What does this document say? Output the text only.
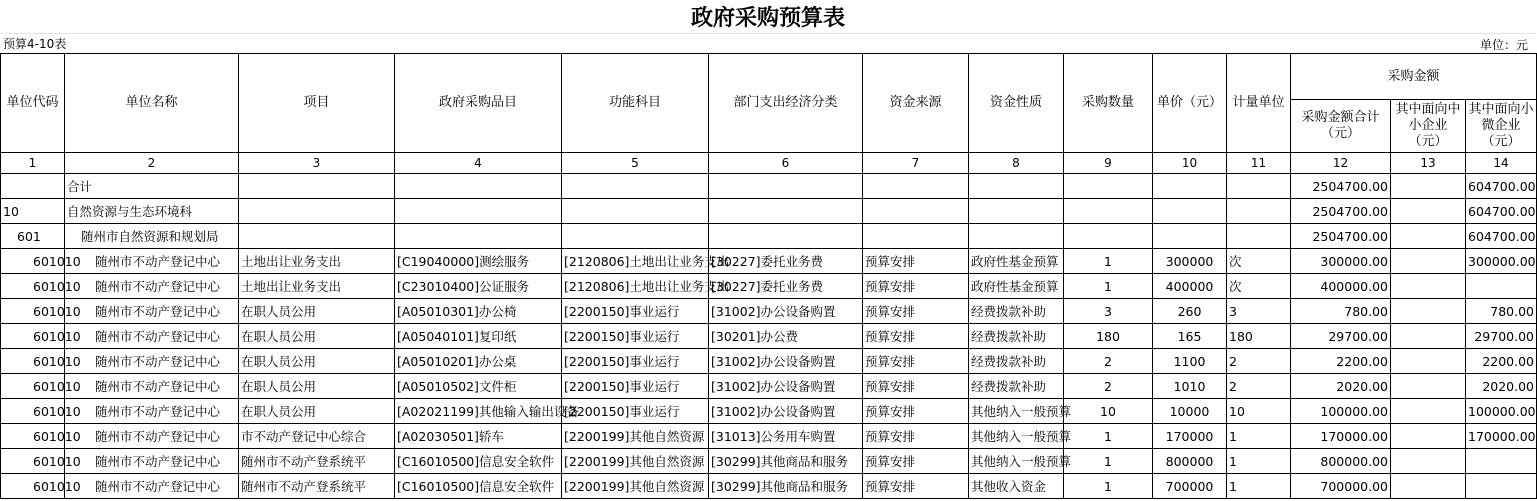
政府采购预算表
预算4-10表	单位：元
单位代码	单位名称	项目	政府采购品目	功能科目	部门支出经济分类	资金来源	资金性质	采购数量	单价（元）	计量单位	采购金额		
											采购金额合计（元）	其中面向中小企业（元）	其中面向小微企业（元）
1	2	3	4	5	6	7	8	9	10	11	12	13	14
	合计										2504700.00		604700.00
10	自然资源与生态环境科										2504700.00		604700.00
601	随州市自然资源和规划局										2504700.00		604700.00
601010	随州市不动产登记中心	土地出让业务支出	[C19040000]测绘服务	[2120806]土地出让业务支出	[30227]委托业务费	预算安排	政府性基金预算	1	300000	次	300000.00		300000.00
601010	随州市不动产登记中心	土地出让业务支出	[C23010400]公证服务	[2120806]土地出让业务支出	[30227]委托业务费	预算安排	政府性基金预算	1	400000	次	400000.00		
601010	随州市不动产登记中心	在职人员公用	[A05010301]办公椅	[2200150]事业运行	[31002]办公设备购置	预算安排	经费拨款补助	3	260	3	780.00		780.00
601010	随州市不动产登记中心	在职人员公用	[A05040101]复印纸	[2200150]事业运行	[30201]办公费	预算安排	经费拨款补助	180	165	180	29700.00		29700.00
601010	随州市不动产登记中心	在职人员公用	[A05010201]办公桌	[2200150]事业运行	[31002]办公设备购置	预算安排	经费拨款补助	2	1100	2	2200.00		2200.00
601010	随州市不动产登记中心	在职人员公用	[A05010502]文件柜	[2200150]事业运行	[31002]办公设备购置	预算安排	经费拨款补助	2	1010	2	2020.00		2020.00
601010	随州市不动产登记中心	在职人员公用	[A02021199]其他输入输出设备	[2200150]事业运行	[31002]办公设备购置	预算安排	其他纳入一般预算	10	10000	10	100000.00		100000.00
601010	随州市不动产登记中心	市不动产登记中心综合	[A02030501]轿车	[2200199]其他自然资源	[31013]公务用车购置	预算安排	其他纳入一般预算	1	170000	1	170000.00		170000.00
601010	随州市不动产登记中心	随州市不动产登系统平	[C16010500]信息安全软件	[2200199]其他自然资源	[30299]其他商品和服务	预算安排	其他纳入一般预算	1	800000	1	800000.00		
601010	随州市不动产登记中心	随州市不动产登系统平	[C16010500]信息安全软件	[2200199]其他自然资源	[30299]其他商品和服务	预算安排	其他收入资金	1	700000	1	700000.00		
